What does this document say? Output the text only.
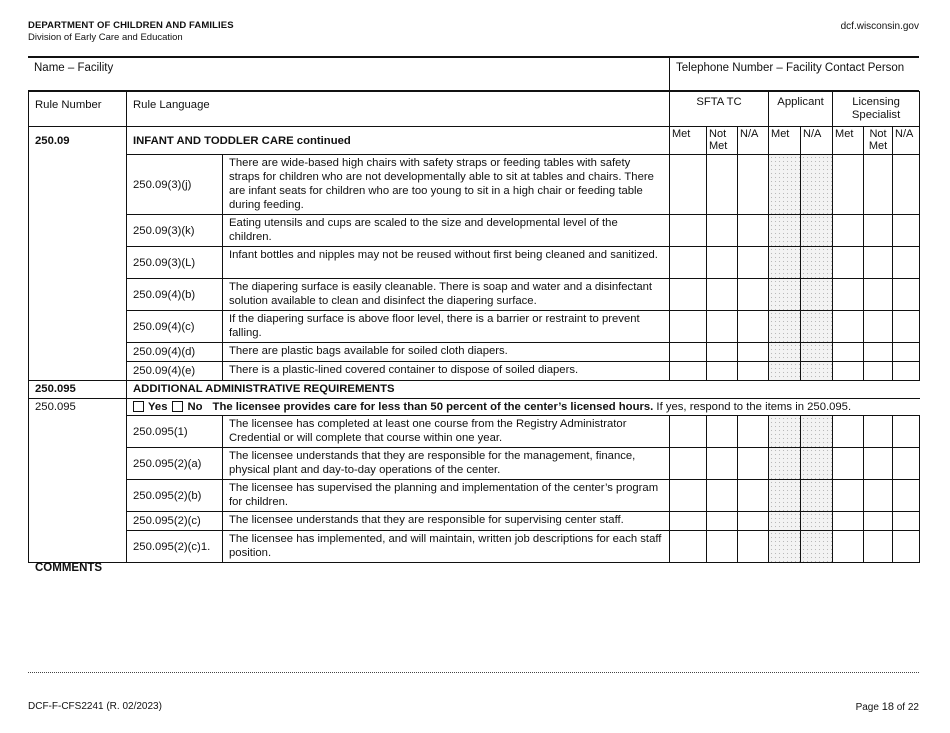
DEPARTMENT OF CHILDREN AND FAMILIES
Division of Early Care and Education
dcf.wisconsin.gov
Name – Facility	Telephone Number – Facility Contact Person
Rule Number	Rule Language		SFTA TC			Applicant		Licensing Specialist		
250.09	INFANT AND TODDLER CARE continued		Met	Not Met	N/A	Met	N/A	Met	Not Met	N/A
	250.09(3)(j)	There are wide-based high chairs with safety straps or feeding tables with safety straps for children who are not developmentally able to sit at tables and chairs. There are infant seats for children who are too young to sit in a high chair or feeding table during feeding.								
	250.09(3)(k)	Eating utensils and cups are scaled to the size and developmental level of the children.								
	250.09(3)(L)	Infant bottles and nipples may not be reused without first being cleaned and sanitized.								
	250.09(4)(b)	The diapering surface is easily cleanable. There is soap and water and a disinfectant solution available to clean and disinfect the diapering surface.								
	250.09(4)(c)	If the diapering surface is above floor level, there is a barrier or restraint to prevent falling.								
	250.09(4)(d)	There are plastic bags available for soiled cloth diapers.								
	250.09(4)(e)	There is a plastic-lined covered container to dispose of soiled diapers.								
250.095	ADDITIONAL ADMINISTRATIVE REQUIREMENTS									
250.095	Yes No The licensee provides care for less than 50 percent of the center’s licensed hours. If yes, respond to the items in 250.095.									
	250.095(1)	The licensee has completed at least one course from the Registry Administrator Credential or will complete that course within one year.								
	250.095(2)(a)	The licensee understands that they are responsible for the management, finance, physical plant and day-to-day operations of the center.								
	250.095(2)(b)	The licensee has supervised the planning and implementation of the center’s program for children.								
	250.095(2)(c)	The licensee understands that they are responsible for supervising center staff.								
	250.095(2)(c)1.	The licensee has implemented, and will maintain, written job descriptions for each staff position.								
COMMENTS
DCF-F-CFS2241 (R. 02/2023)	Page 18 of 22
